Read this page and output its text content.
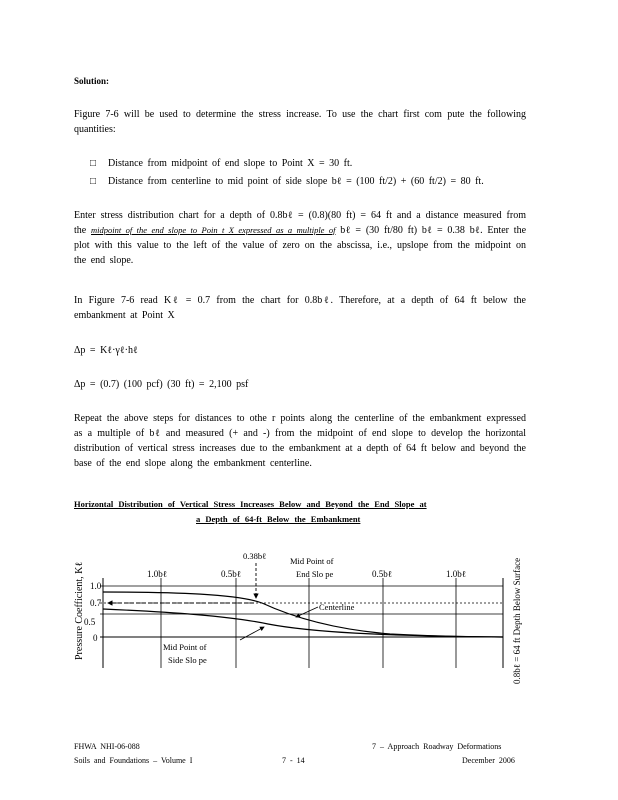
Solution:
Figure 7-6 will be used to determine the stress increase. To use the chart first com pute the following quantities:
□ Distance from midpoint of end slope to Point X = 30 ft.
□ Distance from centerline to mid point of side slope bℓ = (100 ft/2) + (60 ft/2) = 80 ft.
Enter stress distribution chart for a depth of 0.8bℓ = (0.8)(80 ft) = 64 ft and a distance measured from the midpoint of the end slope to Poin t X expressed as a multiple of bℓ = (30 ft/80 ft) bℓ = 0.38 bℓ. Enter the plot with this value to the left of the value of zero on the abscissa, i.e., upslope from the midpoint on the end slope.
In Figure 7-6 read Kℓ = 0.7 from the chart for 0.8bℓ. Therefore, at a depth of 64 ft below the embankment at Point X
Δp = Kℓ·γℓ·hℓ
Δp = (0.7) (100 pcf) (30 ft) = 2,100 psf
Repeat the above steps for distances to othe r points along the centerline of the embankment expressed as a multiple of bℓ and measured (+ and -) from the midpoint of end slope to develop the horizontal distribution of vertical stress increases due to the embankment at a depth of 64 ft below and beyond the base of the end slope along the embankment centerline.
Horizontal Distribution of Vertical Stress Increases Below and Beyond the End Slope at
a Depth of 64-ft Below the Embankment
1.0
0.7
0.5
0
1.0bℓ	0.5bℓ	0.5bℓ	1.0bℓ
0.38bℓ	Mid Point of
End Slo pe
Centerline
Mid Point of
Side Slo pe
Pressure Coefficient, Kℓ	0.8bℓ = 64 ft Depth Below Surface
FHWA NHI-06-088
Soils and Foundations – Volume I	7 - 14
7 – Approach Roadway Deformations
December 2006
